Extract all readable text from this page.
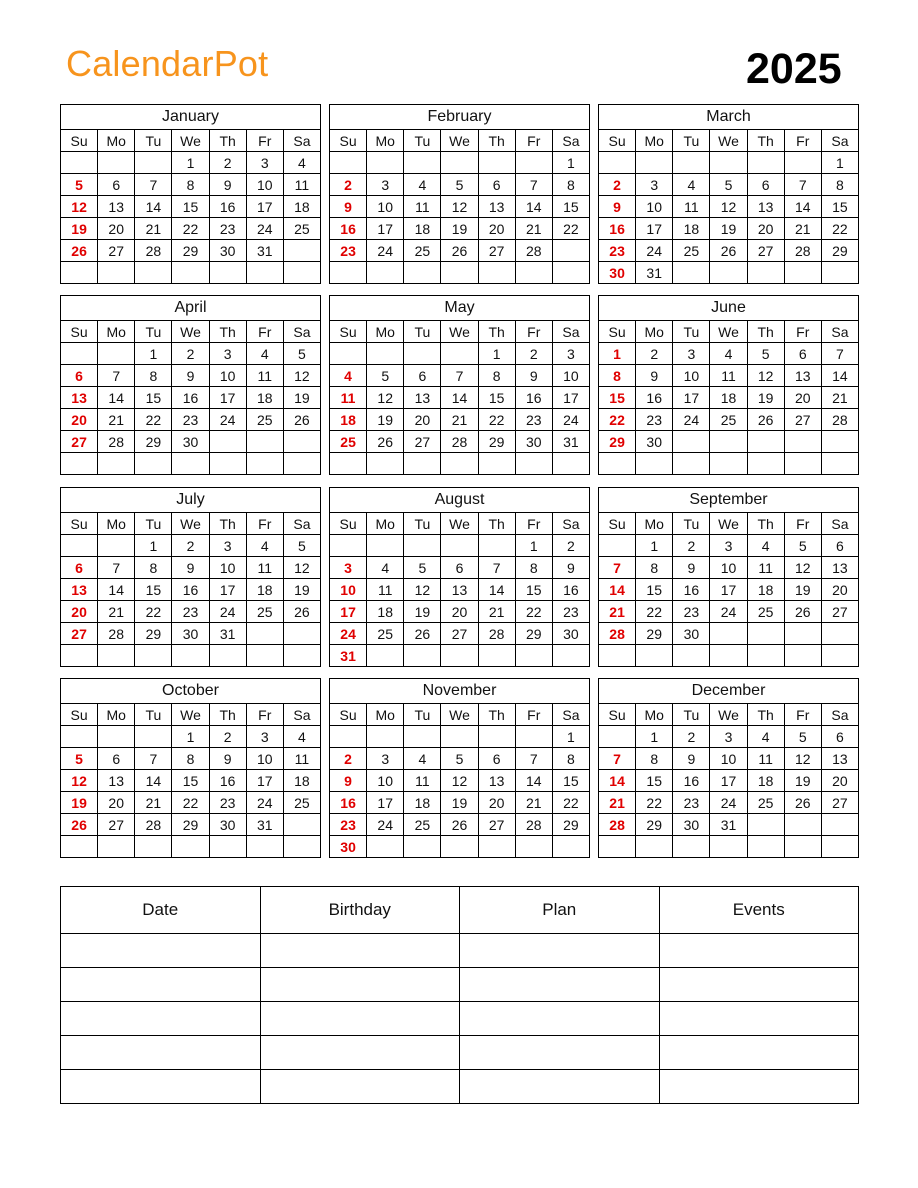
CalendarPot	2025
January						
Su	Mo	Tu	We	Th	Fr	Sa
			1	2	3	4
5	6	7	8	9	10	11
12	13	14	15	16	17	18
19	20	21	22	23	24	25
26	27	28	29	30	31	

February						
Su	Mo	Tu	We	Th	Fr	Sa
						1
2	3	4	5	6	7	8
9	10	11	12	13	14	15
16	17	18	19	20	21	22
23	24	25	26	27	28	

March						
Su	Mo	Tu	We	Th	Fr	Sa
						1
2	3	4	5	6	7	8
9	10	11	12	13	14	15
16	17	18	19	20	21	22
23	24	25	26	27	28	29
30	31					
April						
Su	Mo	Tu	We	Th	Fr	Sa
		1	2	3	4	5
6	7	8	9	10	11	12
13	14	15	16	17	18	19
20	21	22	23	24	25	26
27	28	29	30			

May						
Su	Mo	Tu	We	Th	Fr	Sa
				1	2	3
4	5	6	7	8	9	10
11	12	13	14	15	16	17
18	19	20	21	22	23	24
25	26	27	28	29	30	31

June						
Su	Mo	Tu	We	Th	Fr	Sa
1	2	3	4	5	6	7
8	9	10	11	12	13	14
15	16	17	18	19	20	21
22	23	24	25	26	27	28
29	30					

July						
Su	Mo	Tu	We	Th	Fr	Sa
		1	2	3	4	5
6	7	8	9	10	11	12
13	14	15	16	17	18	19
20	21	22	23	24	25	26
27	28	29	30	31		

August						
Su	Mo	Tu	We	Th	Fr	Sa
					1	2
3	4	5	6	7	8	9
10	11	12	13	14	15	16
17	18	19	20	21	22	23
24	25	26	27	28	29	30
31						
September						
Su	Mo	Tu	We	Th	Fr	Sa
	1	2	3	4	5	6
7	8	9	10	11	12	13
14	15	16	17	18	19	20
21	22	23	24	25	26	27
28	29	30				

October						
Su	Mo	Tu	We	Th	Fr	Sa
			1	2	3	4
5	6	7	8	9	10	11
12	13	14	15	16	17	18
19	20	21	22	23	24	25
26	27	28	29	30	31	

November						
Su	Mo	Tu	We	Th	Fr	Sa
						1
2	3	4	5	6	7	8
9	10	11	12	13	14	15
16	17	18	19	20	21	22
23	24	25	26	27	28	29
30						
December						
Su	Mo	Tu	We	Th	Fr	Sa
	1	2	3	4	5	6
7	8	9	10	11	12	13
14	15	16	17	18	19	20
21	22	23	24	25	26	27
28	29	30	31			

Date	Birthday	Plan	Events
